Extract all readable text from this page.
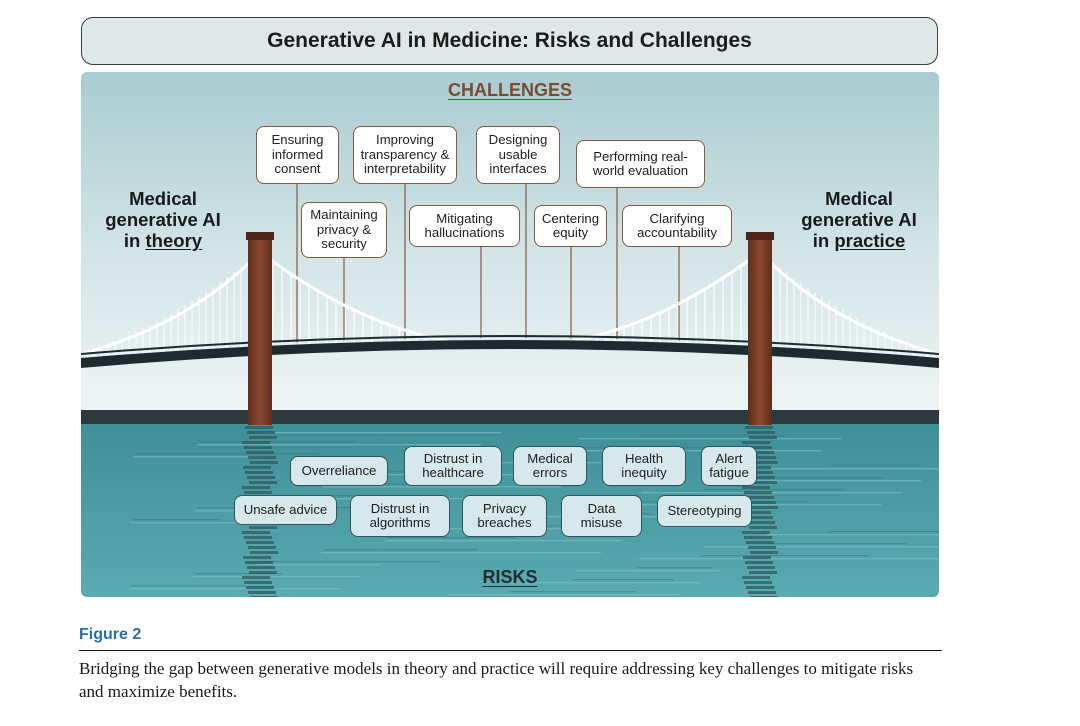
Generative AI in Medicine: Risks and Challenges
CHALLENGES
RISKS
Medical
generative AI
in theory
Medical
generative AI
in practice
Ensuring
informed
consent
Improving
transparency &
interpretability
Designing
usable
interfaces
Performing real-
world evaluation
Maintaining
privacy &
security
Mitigating
hallucinations
Centering
equity
Clarifying
accountability
Overreliance
Distrust in
healthcare
Medical
errors
Health
inequity
Alert
fatigue
Unsafe advice	Distrust in
algorithms
Privacy
breaches
Data
misuse
Stereotyping
Figure 2
Bridging the gap between generative models in theory and practice will require addressing key challenges to mitigate risks and maximize benefits.
